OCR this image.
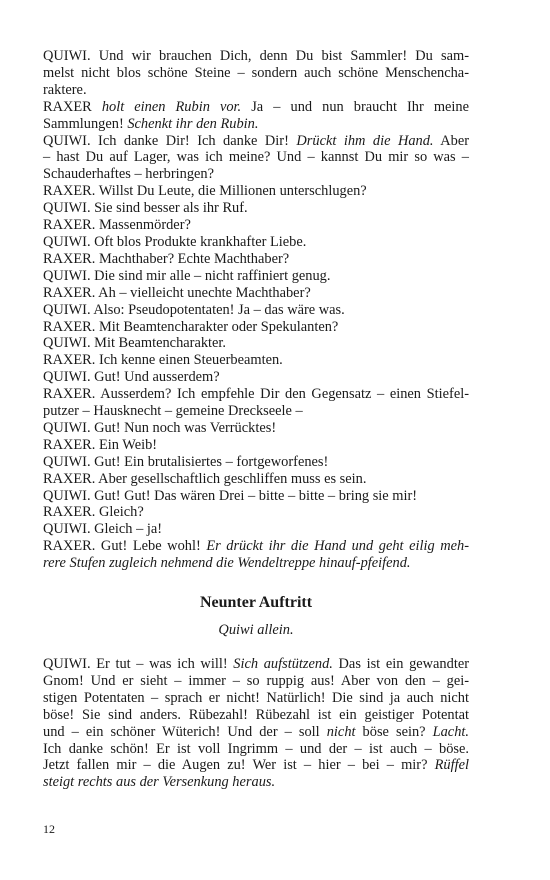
QUIWI. Und wir brauchen Dich, denn Du bist Sammler! Du sam-
melst nicht blos schöne Steine – sondern auch schöne Menschencha-
raktere.
RAXER holt einen Rubin vor. Ja – und nun braucht Ihr meine
Sammlungen! Schenkt ihr den Rubin.
QUIWI. Ich danke Dir! Ich danke Dir! Drückt ihm die Hand. Aber
– hast Du auf Lager, was ich meine? Und – kannst Du mir so was –
Schauderhaftes – herbringen?
RAXER. Willst Du Leute, die Millionen unterschlugen?
QUIWI. Sie sind besser als ihr Ruf.
RAXER. Massenmörder?
QUIWI. Oft blos Produkte krankhafter Liebe.
RAXER. Machthaber? Echte Machthaber?
QUIWI. Die sind mir alle – nicht raffiniert genug.
RAXER. Ah – vielleicht unechte Machthaber?
QUIWI. Also: Pseudopotentaten! Ja – das wäre was.
RAXER. Mit Beamtencharakter oder Spekulanten?
QUIWI. Mit Beamtencharakter.
RAXER. Ich kenne einen Steuerbeamten.
QUIWI. Gut! Und ausserdem?
RAXER. Ausserdem? Ich empfehle Dir den Gegensatz – einen Stiefel-
putzer – Hausknecht – gemeine Dreckseele –
QUIWI. Gut! Nun noch was Verrücktes!
RAXER. Ein Weib!
QUIWI. Gut! Ein brutalisiertes – fortgeworfenes!
RAXER. Aber gesellschaftlich geschliffen muss es sein.
QUIWI. Gut! Gut! Das wären Drei – bitte – bitte – bring sie mir!
RAXER. Gleich?
QUIWI. Gleich – ja!
RAXER. Gut! Lebe wohl! Er drückt ihr die Hand und geht eilig meh-
rere Stufen zugleich nehmend die Wendeltreppe hinauf-pfeifend.
Neunter Auftritt
Quiwi allein.
QUIWI. Er tut – was ich will! Sich aufstützend. Das ist ein gewandter
Gnom! Und er sieht – immer – so ruppig aus! Aber von den – gei-
stigen Potentaten – sprach er nicht! Natürlich! Die sind ja auch nicht
böse! Sie sind anders. Rübezahl! Rübezahl ist ein geistiger Potentat
und – ein schöner Wüterich! Und der – soll nicht böse sein? Lacht.
Ich danke schön! Er ist voll Ingrimm – und der – ist auch – böse.
Jetzt fallen mir – die Augen zu! Wer ist – hier – bei – mir? Rüffel
steigt rechts aus der Versenkung heraus.
12
